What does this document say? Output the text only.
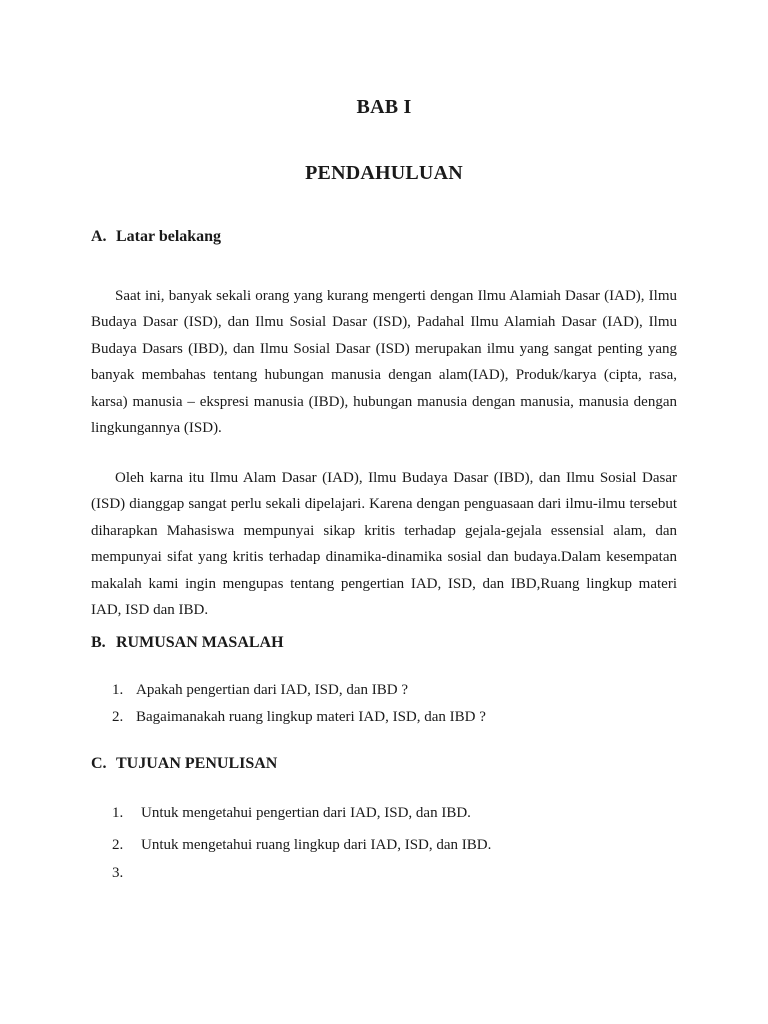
BAB I
PENDAHULUAN
A. Latar belakang

Saat ini, banyak sekali orang yang kurang mengerti dengan Ilmu Alamiah Dasar (IAD), Ilmu Budaya Dasar (ISD), dan Ilmu Sosial Dasar (ISD), Padahal Ilmu Alamiah Dasar (IAD), Ilmu Budaya Dasars (IBD), dan Ilmu Sosial Dasar (ISD) merupakan ilmu yang sangat penting yang banyak membahas tentang hubungan manusia dengan alam(IAD), Produk/karya (cipta, rasa, karsa) manusia – ekspresi manusia (IBD), hubungan manusia dengan manusia, manusia dengan lingkungannya (ISD).

Oleh karna itu Ilmu Alam Dasar (IAD), Ilmu Budaya Dasar (IBD), dan Ilmu Sosial Dasar (ISD) dianggap sangat perlu sekali dipelajari. Karena dengan penguasaan dari ilmu-ilmu tersebut diharapkan Mahasiswa mempunyai sikap kritis terhadap gejala-gejala essensial alam, dan mempunyai sifat yang kritis terhadap dinamika-dinamika sosial dan budaya.Dalam kesempatan makalah kami ingin mengupas tentang pengertian IAD, ISD, dan IBD,Ruang lingkup materi IAD, ISD dan IBD.

B. RUMUSAN MASALAH
1. Apakah pengertian dari IAD, ISD, dan IBD ?
2. Bagaimanakah ruang lingkup materi IAD, ISD, dan IBD ?
C. TUJUAN PENULISAN
1. Untuk mengetahui pengertian dari IAD, ISD, dan IBD.
2. Untuk mengetahui ruang lingkup dari IAD, ISD, dan IBD.
3.
